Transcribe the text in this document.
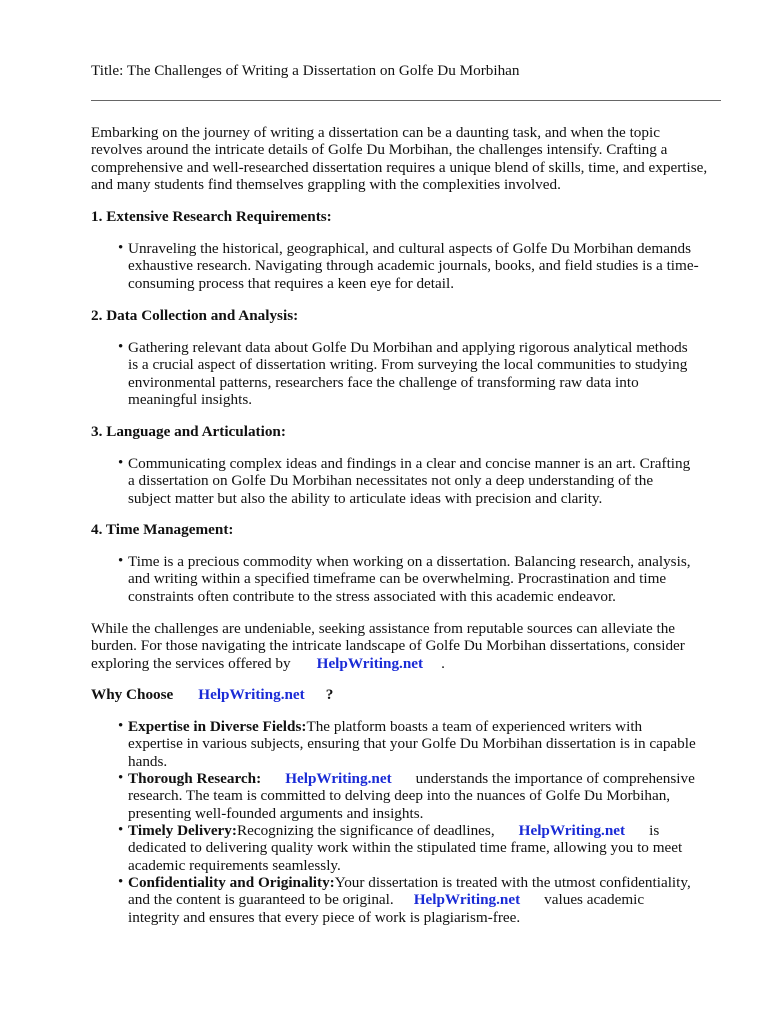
Title: The Challenges of Writing a Dissertation on Golfe Du Morbihan

Embarking on the journey of writing a dissertation can be a daunting task, and when the topic
revolves around the intricate details of Golfe Du Morbihan, the challenges intensify. Crafting a
comprehensive and well-researched dissertation requires a unique blend of skills, time, and expertise,
and many students find themselves grappling with the complexities involved.

1. Extensive Research Requirements:

• Unraveling the historical, geographical, and cultural aspects of Golfe Du Morbihan demands
exhaustive research. Navigating through academic journals, books, and field studies is a time-
consuming process that requires a keen eye for detail.

2. Data Collection and Analysis:

• Gathering relevant data about Golfe Du Morbihan and applying rigorous analytical methods
is a crucial aspect of dissertation writing. From surveying the local communities to studying
environmental patterns, researchers face the challenge of transforming raw data into
meaningful insights.

3. Language and Articulation:

• Communicating complex ideas and findings in a clear and concise manner is an art. Crafting
a dissertation on Golfe Du Morbihan necessitates not only a deep understanding of the
subject matter but also the ability to articulate ideas with precision and clarity.

4. Time Management:

• Time is a precious commodity when working on a dissertation. Balancing research, analysis,
and writing within a specified timeframe can be overwhelming. Procrastination and time
constraints often contribute to the stress associated with this academic endeavor.

While the challenges are undeniable, seeking assistance from reputable sources can alleviate the
burden. For those navigating the intricate landscape of Golfe Du Morbihan dissertations, consider
exploring the services offered by HelpWriting.net .

Why Choose HelpWriting.net ?

• Expertise in Diverse Fields:The platform boasts a team of experienced writers with
expertise in various subjects, ensuring that your Golfe Du Morbihan dissertation is in capable
hands.
• Thorough Research: HelpWriting.net understands the importance of comprehensive
research. The team is committed to delving deep into the nuances of Golfe Du Morbihan,
presenting well-founded arguments and insights.
• Timely Delivery:Recognizing the significance of deadlines, HelpWriting.net is
dedicated to delivering quality work within the stipulated time frame, allowing you to meet
academic requirements seamlessly.
• Confidentiality and Originality:Your dissertation is treated with the utmost confidentiality,
and the content is guaranteed to be original. HelpWriting.net values academic
integrity and ensures that every piece of work is plagiarism-free.
